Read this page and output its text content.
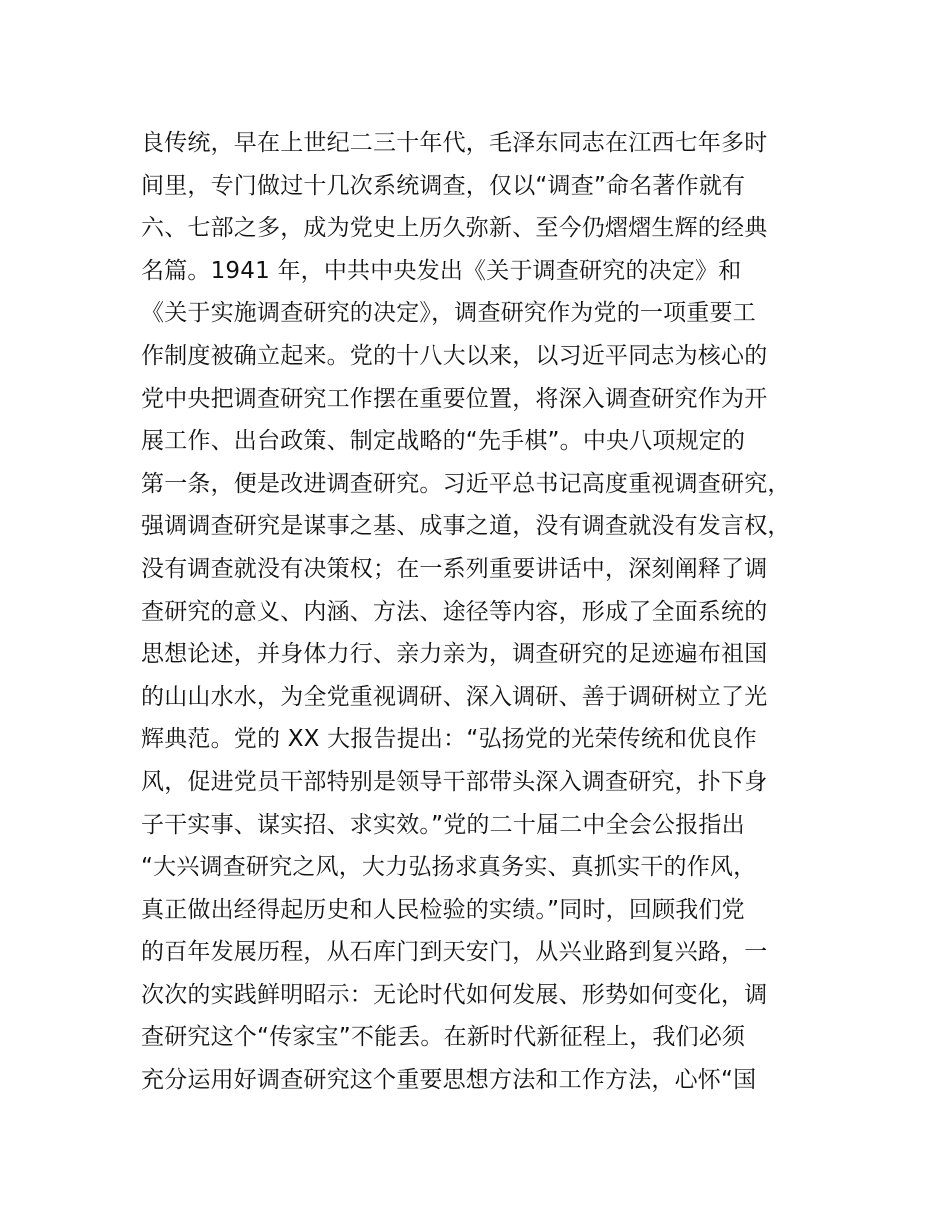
良传统，早在上世纪二三十年代，毛泽东同志在江西七年多时
间里，专门做过十几次系统调查，仅以“调查”命名著作就有
六、七部之多，成为党史上历久弥新、至今仍熠熠生辉的经典
名篇。1941 年，中共中央发出《关于调查研究的决定》和
《关于实施调查研究的决定》，调查研究作为党的一项重要工
作制度被确立起来。党的十八大以来，以习近平同志为核心的
党中央把调查研究工作摆在重要位置，将深入调查研究作为开
展工作、出台政策、制定战略的“先手棋”。中央八项规定的
第一条，便是改进调查研究。习近平总书记高度重视调查研究，
强调调查研究是谋事之基、成事之道，没有调查就没有发言权，
没有调查就没有决策权；在一系列重要讲话中，深刻阐释了调
查研究的意义、内涵、方法、途径等内容，形成了全面系统的
思想论述，并身体力行、亲力亲为，调查研究的足迹遍布祖国
的山山水水，为全党重视调研、深入调研、善于调研树立了光
辉典范。党的 XX 大报告提出：“弘扬党的光荣传统和优良作
风，促进党员干部特别是领导干部带头深入调查研究，扑下身
子干实事、谋实招、求实效。”党的二十届二中全会公报指出
“大兴调查研究之风，大力弘扬求真务实、真抓实干的作风，
真正做出经得起历史和人民检验的实绩。”同时，回顾我们党
的百年发展历程，从石库门到天安门，从兴业路到复兴路，一
次次的实践鲜明昭示：无论时代如何发展、形势如何变化，调
查研究这个“传家宝”不能丢。在新时代新征程上，我们必须
充分运用好调查研究这个重要思想方法和工作方法，心怀“国
